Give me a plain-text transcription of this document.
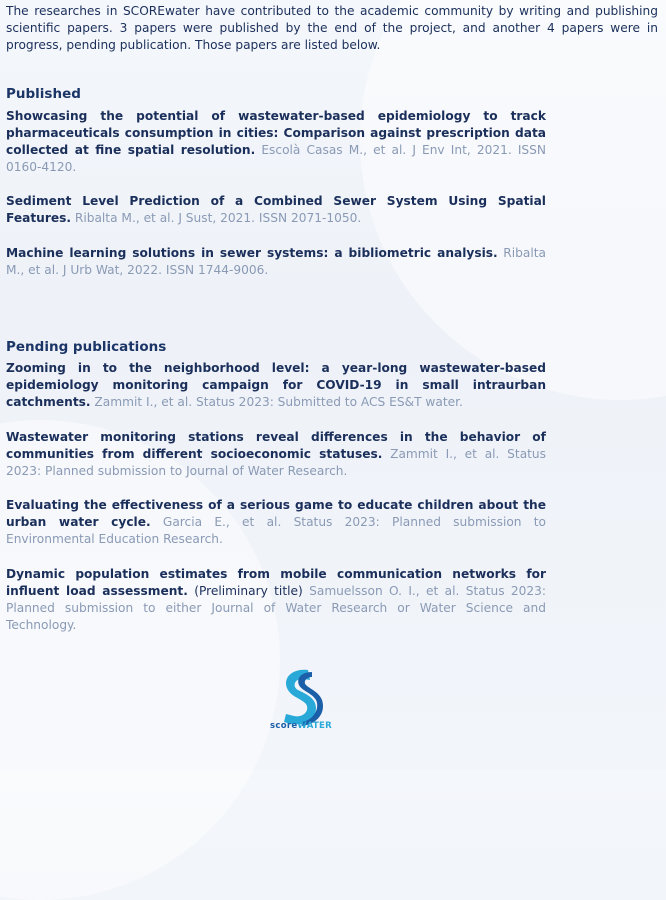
The researches in SCOREwater have contributed to the academic community by writing and publishing scientific papers. 3 papers were published by the end of the project, and another 4 papers were in progress, pending publication. Those papers are listed below.

Published

Showcasing the potential of wastewater-based epidemiology to track pharmaceuticals consumption in cities: Comparison against prescription data collected at fine spatial resolution. Escolà Casas M., et al. J Env Int, 2021. ISSN 0160-4120.

Sediment Level Prediction of a Combined Sewer System Using Spatial Features. Ribalta M., et al. J Sust, 2021. ISSN 2071-1050.

Machine learning solutions in sewer systems: a bibliometric analysis. Ribalta M., et al. J Urb Wat, 2022. ISSN 1744-9006.

Pending publications

Zooming in to the neighborhood level: a year-long wastewater-based epidemiology monitoring campaign for COVID-19 in small intraurban catchments. Zammit I., et al. Status 2023: Submitted to ACS ES&T water.

Wastewater monitoring stations reveal differences in the behavior of communities from different socioeconomic statuses. Zammit I., et al. Status 2023: Planned submission to Journal of Water Research.

Evaluating the effectiveness of a serious game to educate children about the urban water cycle. Garcia E., et al. Status 2023: Planned submission to Environmental Education Research.

Dynamic population estimates from mobile communication networks for influent load assessment. (Preliminary title) Samuelsson O. I., et al. Status 2023: Planned submission to either Journal of Water Research or Water Science and Technology.

scoreWATER
